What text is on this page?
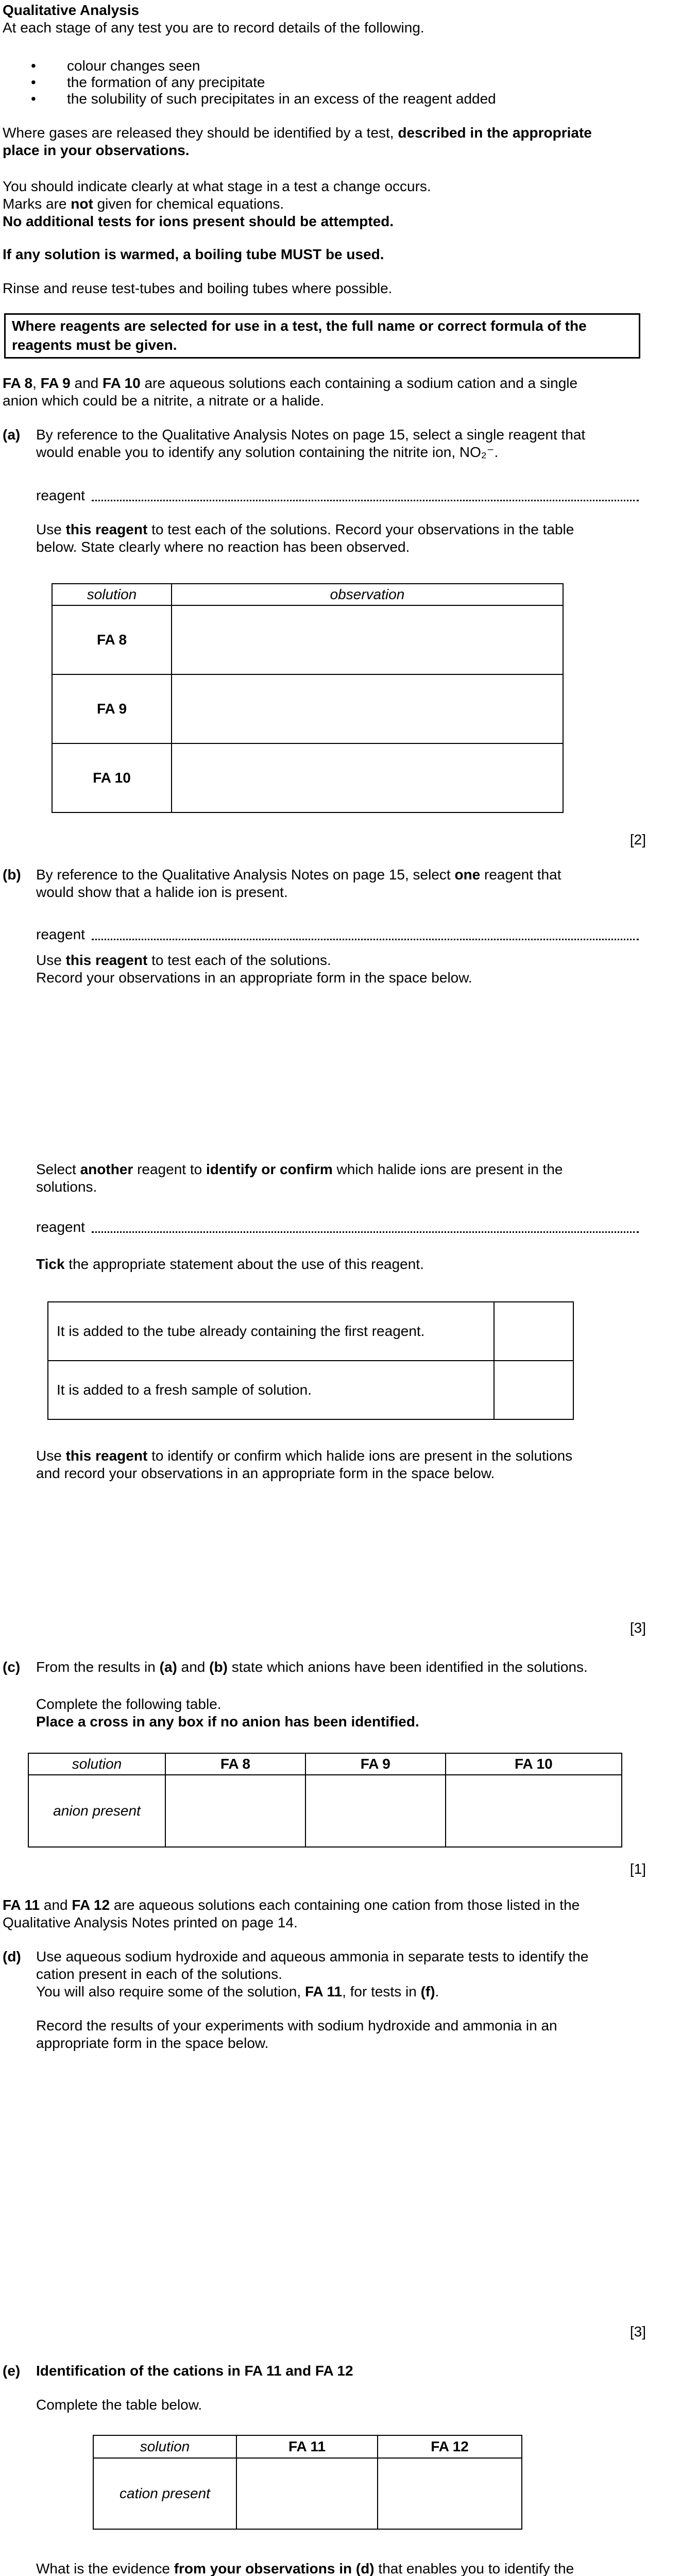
Qualitative Analysis
At each stage of any test you are to record details of the following.
• colour changes seen
• the formation of any precipitate
• the solubility of such precipitates in an excess of the reagent added
Where gases are released they should be identified by a test, described in the appropriate
place in your observations.
You should indicate clearly at what stage in a test a change occurs.
Marks are not given for chemical equations.
No additional tests for ions present should be attempted.
If any solution is warmed, a boiling tube MUST be used.
Rinse and reuse test-tubes and boiling tubes where possible.
Where reagents are selected for use in a test, the full name or correct formula of the
reagents must be given.
FA 8, FA 9 and FA 10 are aqueous solutions each containing a sodium cation and a single
anion which could be a nitrite, a nitrate or a halide.
(a) By reference to the Qualitative Analysis Notes on page 15, select a single reagent that
would enable you to identify any solution containing the nitrite ion, NO₂⁻.
reagent
Use this reagent to test each of the solutions. Record your observations in the table
below. State clearly where no reaction has been observed.
solution	observation
FA 8	
FA 9	
FA 10	
[2]
(b) By reference to the Qualitative Analysis Notes on page 15, select one reagent that
would show that a halide ion is present.
reagent
Use this reagent to test each of the solutions.
Record your observations in an appropriate form in the space below.
Select another reagent to identify or confirm which halide ions are present in the
solutions.
reagent
Tick the appropriate statement about the use of this reagent.
It is added to the tube already containing the first reagent.	
It is added to a fresh sample of solution.	
Use this reagent to identify or confirm which halide ions are present in the solutions
and record your observations in an appropriate form in the space below.
[3]
(c) From the results in (a) and (b) state which anions have been identified in the solutions.
Complete the following table.
Place a cross in any box if no anion has been identified.
solution	FA 8	FA 9	FA 10
anion present			
[1]
FA 11 and FA 12 are aqueous solutions each containing one cation from those listed in the
Qualitative Analysis Notes printed on page 14.
(d) Use aqueous sodium hydroxide and aqueous ammonia in separate tests to identify the
cation present in each of the solutions.
You will also require some of the solution, FA 11, for tests in (f).
Record the results of your experiments with sodium hydroxide and ammonia in an
appropriate form in the space below.
[3]
(e) Identification of the cations in FA 11 and FA 12
Complete the table below.
solution	FA 11	FA 12
cation present		
What is the evidence from your observations in (d) that enables you to identify the
